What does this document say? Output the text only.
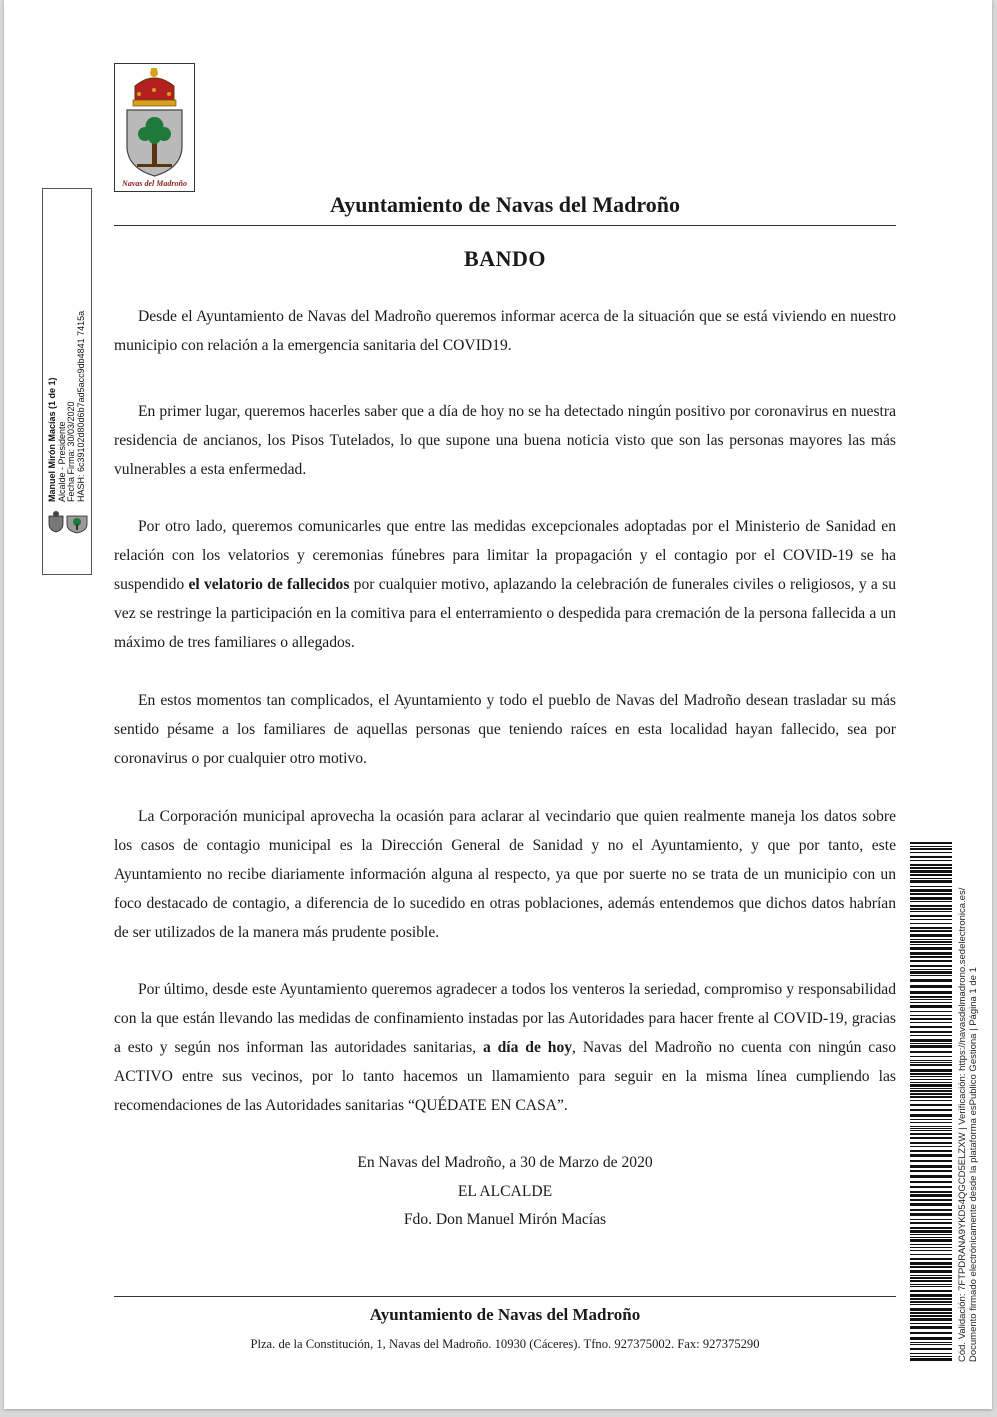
Navas del Madroño
Manuel Mirón Macías (1 de 1) Alcalde - Presidente Fecha Firma: 30/03/2020 HASH: 6c39102d80d6b7ad5acc9db4841 7415a
Ayuntamiento de Navas del Madroño
BANDO
Desde el Ayuntamiento de Navas del Madroño queremos informar acerca de la situación que se está viviendo en nuestro municipio con relación a la emergencia sanitaria del COVID19.
En primer lugar, queremos hacerles saber que a día de hoy no se ha detectado ningún positivo por coronavirus en nuestra residencia de ancianos, los Pisos Tutelados, lo que supone una buena noticia visto que son las personas mayores las más vulnerables a esta enfermedad.
Por otro lado, queremos comunicarles que entre las medidas excepcionales adoptadas por el Ministerio de Sanidad en relación con los velatorios y ceremonias fúnebres para limitar la propagación y el contagio por el COVID-19 se ha suspendido el velatorio de fallecidos por cualquier motivo, aplazando la celebración de funerales civiles o religiosos, y a su vez se restringe la participación en la comitiva para el enterramiento o despedida para cremación de la persona fallecida a un máximo de tres familiares o allegados.
En estos momentos tan complicados, el Ayuntamiento y todo el pueblo de Navas del Madroño desean trasladar su más sentido pésame a los familiares de aquellas personas que teniendo raíces en esta localidad hayan fallecido, sea por coronavirus o por cualquier otro motivo.
La Corporación municipal aprovecha la ocasión para aclarar al vecindario que quien realmente maneja los datos sobre los casos de contagio municipal es la Dirección General de Sanidad y no el Ayuntamiento, y que por tanto, este Ayuntamiento no recibe diariamente información alguna al respecto, ya que por suerte no se trata de un municipio con un foco destacado de contagio, a diferencia de lo sucedido en otras poblaciones, además entendemos que dichos datos habrían de ser utilizados de la manera más prudente posible.
Por último, desde este Ayuntamiento queremos agradecer a todos los venteros la seriedad, compromiso y responsabilidad con la que están llevando las medidas de confinamiento instadas por las Autoridades para hacer frente al COVID-19, gracias a esto y según nos informan las autoridades sanitarias, a día de hoy, Navas del Madroño no cuenta con ningún caso ACTIVO entre sus vecinos, por lo tanto hacemos un llamamiento para seguir en la misma línea cumpliendo las recomendaciones de las Autoridades sanitarias “QUÉDATE EN CASA”.
En Navas del Madroño, a 30 de Marzo de 2020
EL ALCALDE
Fdo. Don Manuel Mirón Macías
Ayuntamiento de Navas del Madroño
Plza. de la Constitución, 1, Navas del Madroño. 10930 (Cáceres). Tfno. 927375002. Fax: 927375290	Cód. Validación: 7FTPDRANA9YKD54QGCD5ELZXW | Verificación: https://navasdelmadrono.sedelectronica.es/ Documento firmado electrónicamente desde la plataforma esPublico Gestiona | Página 1 de 1
